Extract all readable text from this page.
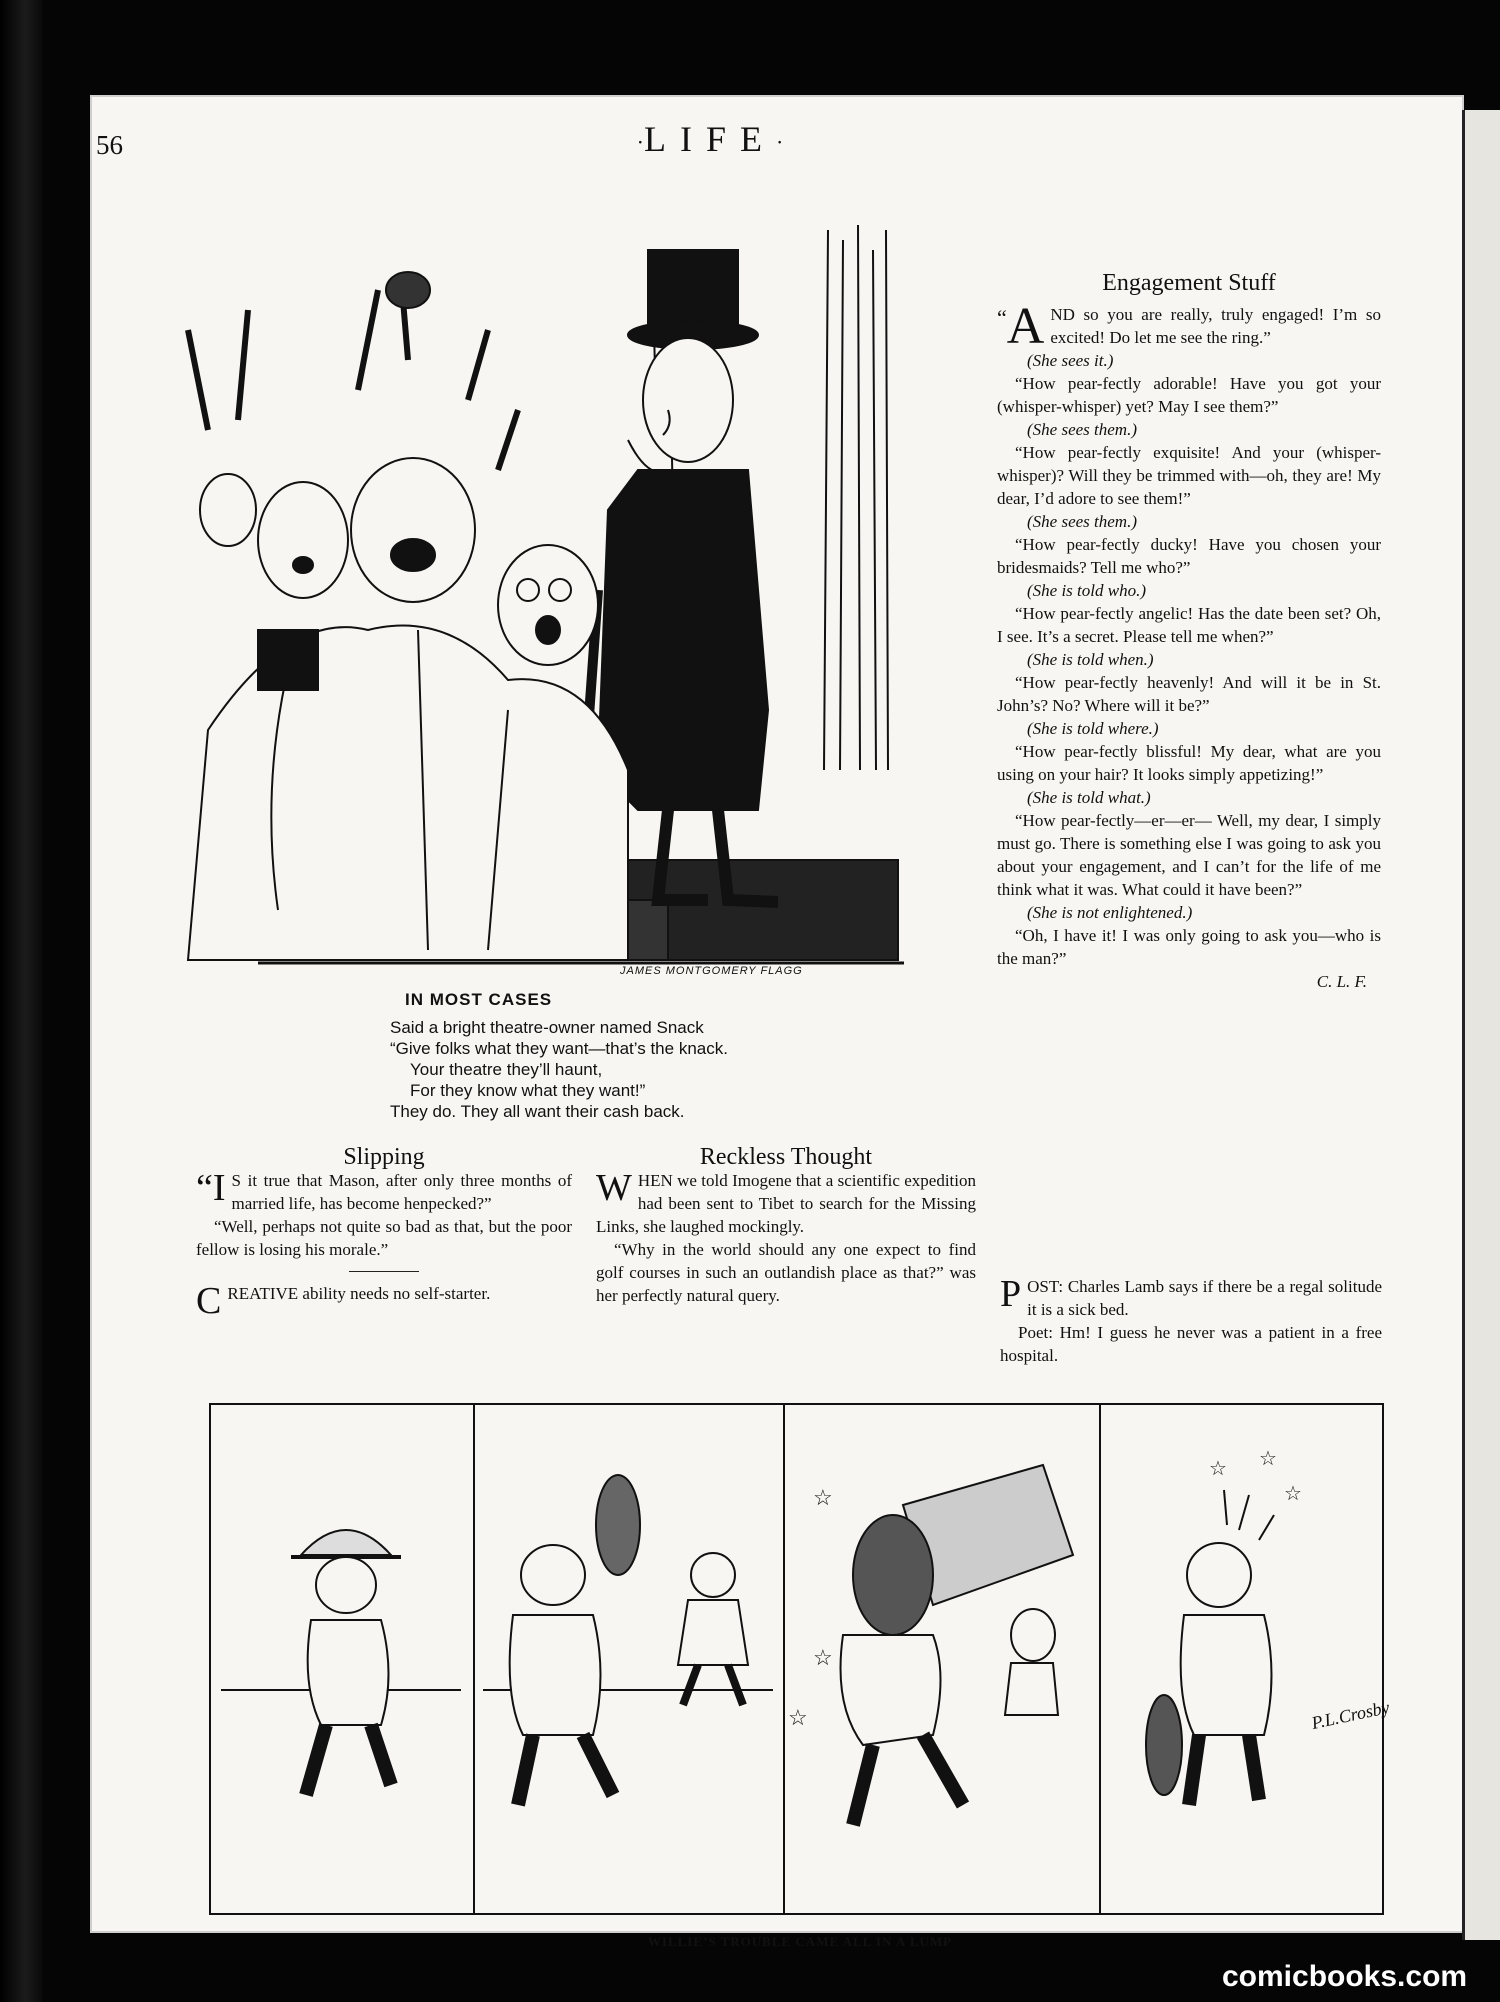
56	·LIFE·
JAMES MONTGOMERY FLAGG
IN MOST CASES
Said a bright theatre-owner named Snack
“Give folks what they want—that’s the knack.
Your theatre they’ll haunt,
For they know what they want!”
They do. They all want their cash back.
Engagement Stuff

“ A ND so you are really, truly engaged! I’m so excited! Do let me see the ring.”

(She sees it.)

“How pear-fectly adorable! Have you got your (whisper-whisper) yet? May I see them?”

(She sees them.)

“How pear-fectly exquisite! And your (whisper-whisper)? Will they be trimmed with—oh, they are! My dear, I’d adore to see them!”

(She sees them.)

“How pear-fectly ducky! Have you chosen your bridesmaids? Tell me who?”

(She is told who.)

“How pear-fectly angelic! Has the date been set? Oh, I see. It’s a secret. Please tell me when?”

(She is told when.)

“How pear-fectly heavenly! And will it be in St. John’s? No? Where will it be?”

(She is told where.)

“How pear-fectly blissful! My dear, what are you using on your hair? It looks simply appetizing!”

(She is told what.)

“How pear-fectly—er—er— Well, my dear, I simply must go. There is something else I was going to ask you about your engagement, and I can’t for the life of me think what it was. What could it have been?”

(She is not enlightened.)

“Oh, I have it! I was only going to ask you—who is the man?”

C. L. F.

POST: Charles Lamb says if there be a regal solitude it is a sick bed.

Poet: Hm! I guess he never was a patient in a free hospital.

Slipping

“I S it true that Mason, after only three months of married life, has become henpecked?”

“Well, perhaps not quite so bad as that, but the poor fellow is losing his morale.”

CREATIVE ability needs no self-starter.

Reckless Thought

WHEN we told Imogene that a scientific expedition had been sent to Tibet to search for the Missing Links, she laughed mockingly.

“Why in the world should any one expect to find golf courses in such an outlandish place as that?” was her perfectly natural query.

☆
☆
☆
☆ ☆
☆
P.L.Crosby
WILLIE’S TROUBLE CAME ALL IN A LUMP
comicbooks.com
